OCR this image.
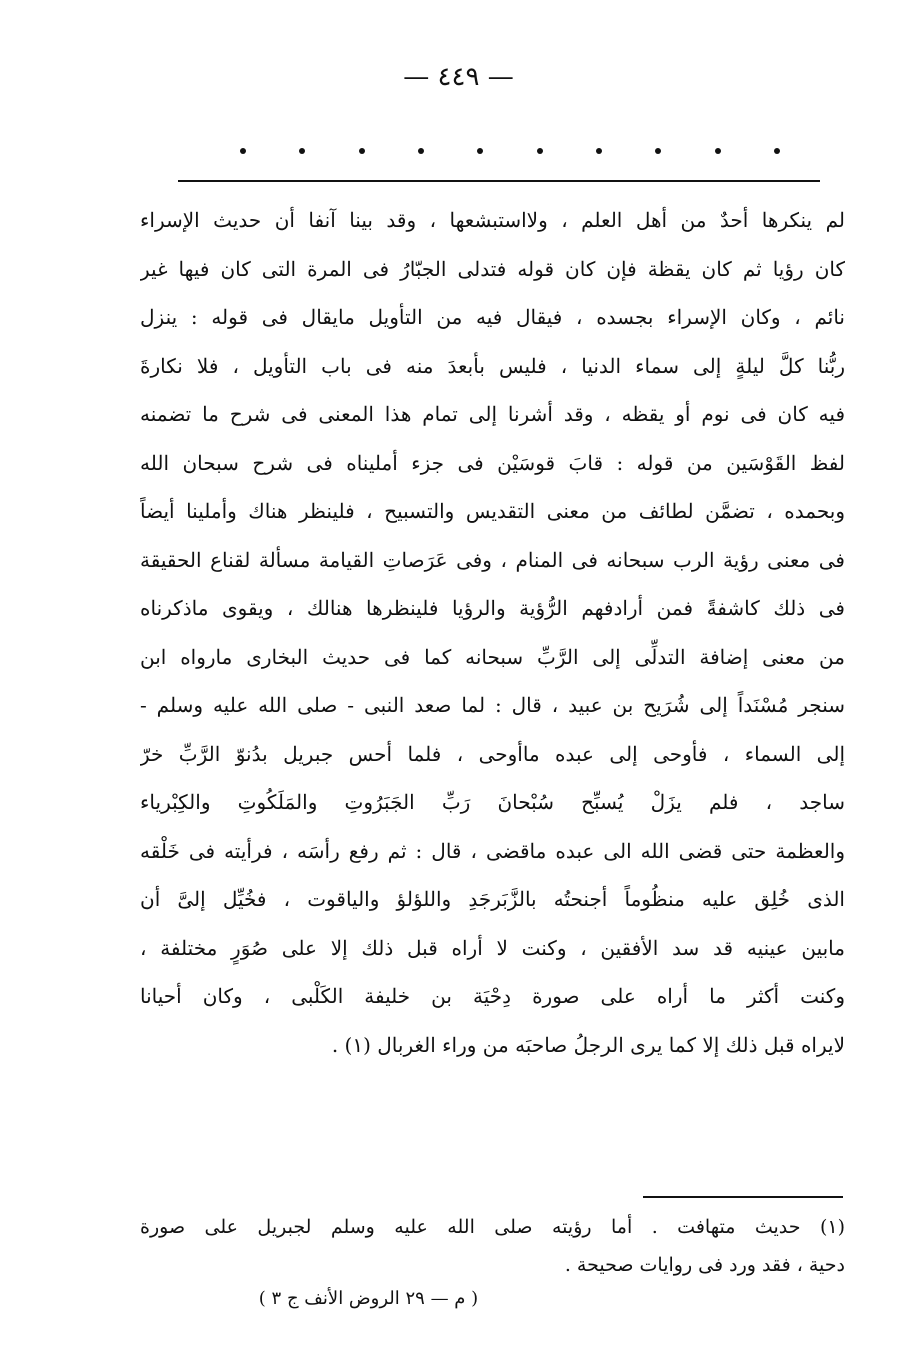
— ٤٤٩ —
لم ينكرها أحدٌ من أهل العلم ، ولااستبشعها ، وقد بينا آنفا أن حديث الإسراء
كان رؤيا ثم كان يقظة فإن كان قوله فتدلى الجبّارُ فى المرة التى كان فيها غير
نائم ، وكان الإسراء بجسده ، فيقال فيه من التأويل مايقال فى قوله : ينزل
ربُّنا كلَّ ليلةٍ إلى سماء الدنيا ، فليس بأبعدَ منه فى باب التأويل ، فلا نكارةَ
فيه كان فى نوم أو يقظه ، وقد أشرنا إلى تمام هذا المعنى فى شرح ما تضمنه
لفظ القَوْسَين من قوله : قابَ قوسَيْن فى جزء أمليناه فى شرح سبحان الله
وبحمده ، تضمَّن لطائف من معنى التقديس والتسبيح ، فلينظر هناك وأملينا أيضاً
فى معنى رؤية الرب سبحانه فى المنام ، وفى عَرَصاتِ القيامة مسألة لقناع الحقيقة
فى ذلك كاشفةً فمن أرادفهم الرُّؤية والرؤيا فلينظرها هنالك ، ويقوى ماذكرناه
من معنى إضافة التدلِّى إلى الرَّبِّ سبحانه كما فى حديث البخارى مارواه ابن
سنجر مُسْنَداً إلى شُرَيح بن عبيد ، قال : لما صعد النبى - صلى الله عليه وسلم -
إلى السماء ، فأوحى إلى عبده ماأوحى ، فلما أحس جبريل بدُنوّ الرَّبِّ خرّ
ساجد ، فلم يزَلْ يُسبِّح سُبْحانَ رَبِّ الجَبَرُوتِ والمَلَكُوتِ والكِبْرياء
والعظمة حتى قضى الله الى عبده ماقضى ، قال : ثم رفع رأسَه ، فرأيته فى خَلْقه
الذى خُلِق عليه منظُوماً أجنحتُه بالزَّبَرجَدِ واللؤلؤ والياقوت ، فخُيِّل إلىَّ أن
مابين عينيه قد سد الأفقين ، وكنت لا أراه قبل ذلك إلا على صُوَرٍ مختلفة ،
وكنت أكثر ما أراه على صورة دِحْيَة بن خليفة الكَلْبى ، وكان أحيانا
لايراه قبل ذلك إلا كما يرى الرجلُ صاحبَه من وراء الغربال (١) .
(١) حديث متهافت . أما رؤيته صلى الله عليه وسلم لجبريل على صورة
دحية ، فقد ورد فى روايات صحيحة .
( م — ٢٩ الروض الأنف ج ٣ )
